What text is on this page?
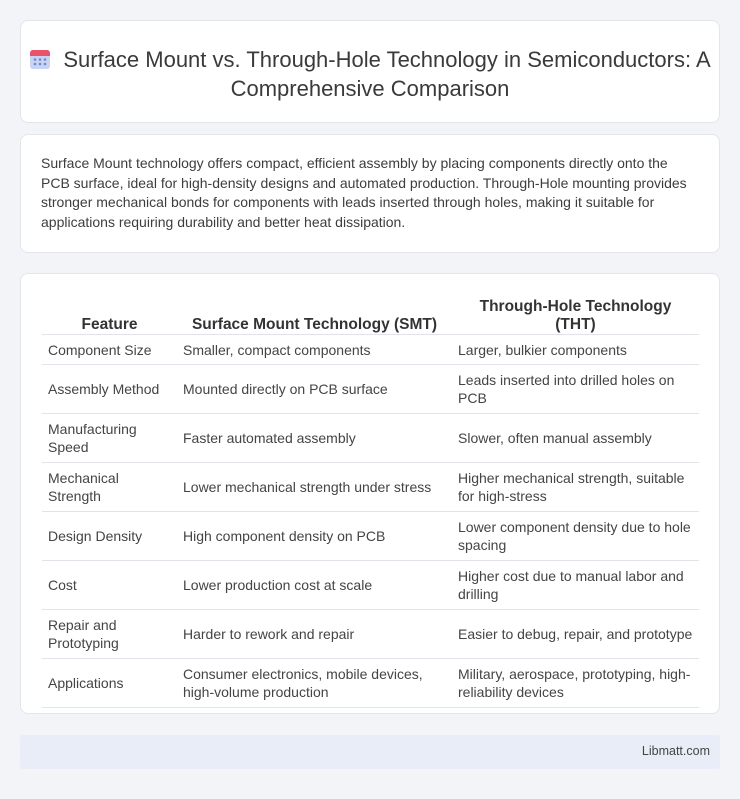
Surface Mount vs. Through-Hole Technology in Semiconductors: A Comprehensive Comparison

Surface Mount technology offers compact, efficient assembly by placing components directly onto the PCB surface, ideal for high-density designs and automated production. Through-Hole mounting provides stronger mechanical bonds for components with leads inserted through holes, making it suitable for applications requiring durability and better heat dissipation.

Feature	Surface Mount Technology (SMT)	Through-Hole Technology (THT)
Component Size	Smaller, compact components	Larger, bulkier components
Assembly Method	Mounted directly on PCB surface	Leads inserted into drilled holes on PCB
Manufacturing Speed	Faster automated assembly	Slower, often manual assembly
Mechanical Strength	Lower mechanical strength under stress	Higher mechanical strength, suitable for high-stress
Design Density	High component density on PCB	Lower component density due to hole spacing
Cost	Lower production cost at scale	Higher cost due to manual labor and drilling
Repair and Prototyping	Harder to rework and repair	Easier to debug, repair, and prototype
Applications	Consumer electronics, mobile devices, high-volume production	Military, aerospace, prototyping, high-reliability devices
Libmatt.com
